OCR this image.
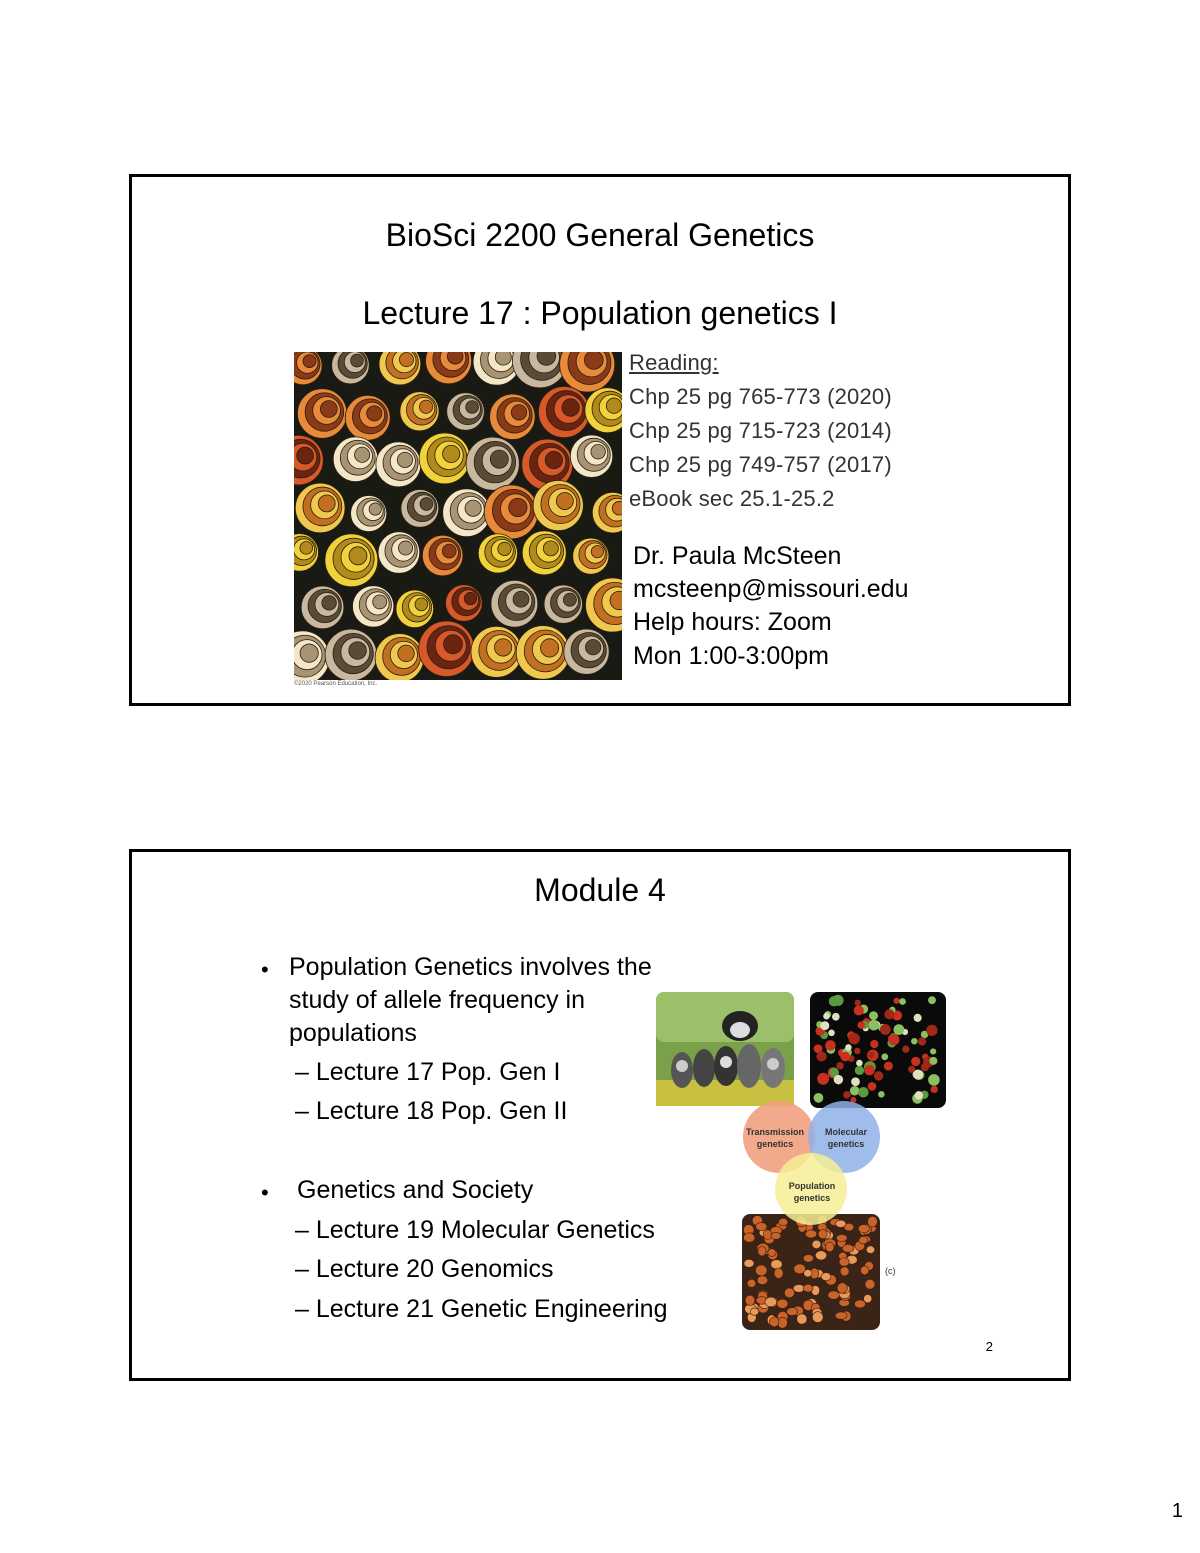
BioSci 2200 General Genetics
Lecture 17 : Population genetics I
©2020 Pearson Education, Inc.
Reading:
Chp 25 pg 765-773 (2020)
Chp 25 pg 715-723 (2014)
Chp 25 pg 749-757 (2017)
eBook sec 25.1-25.2
Dr. Paula McSteen
mcsteenp@missouri.edu
Help hours: Zoom
Mon 1:00-3:00pm
Module 4
• Population Genetics involves the
study of allele frequency in
populations
– Lecture 17 Pop. Gen I
– Lecture 18 Pop. Gen II
• Genetics and Society
– Lecture 19 Molecular Genetics
– Lecture 20 Genomics
– Lecture 21 Genetic Engineering
Transmission
genetics
Molecular
genetics
Population
genetics
(c)
2
1
